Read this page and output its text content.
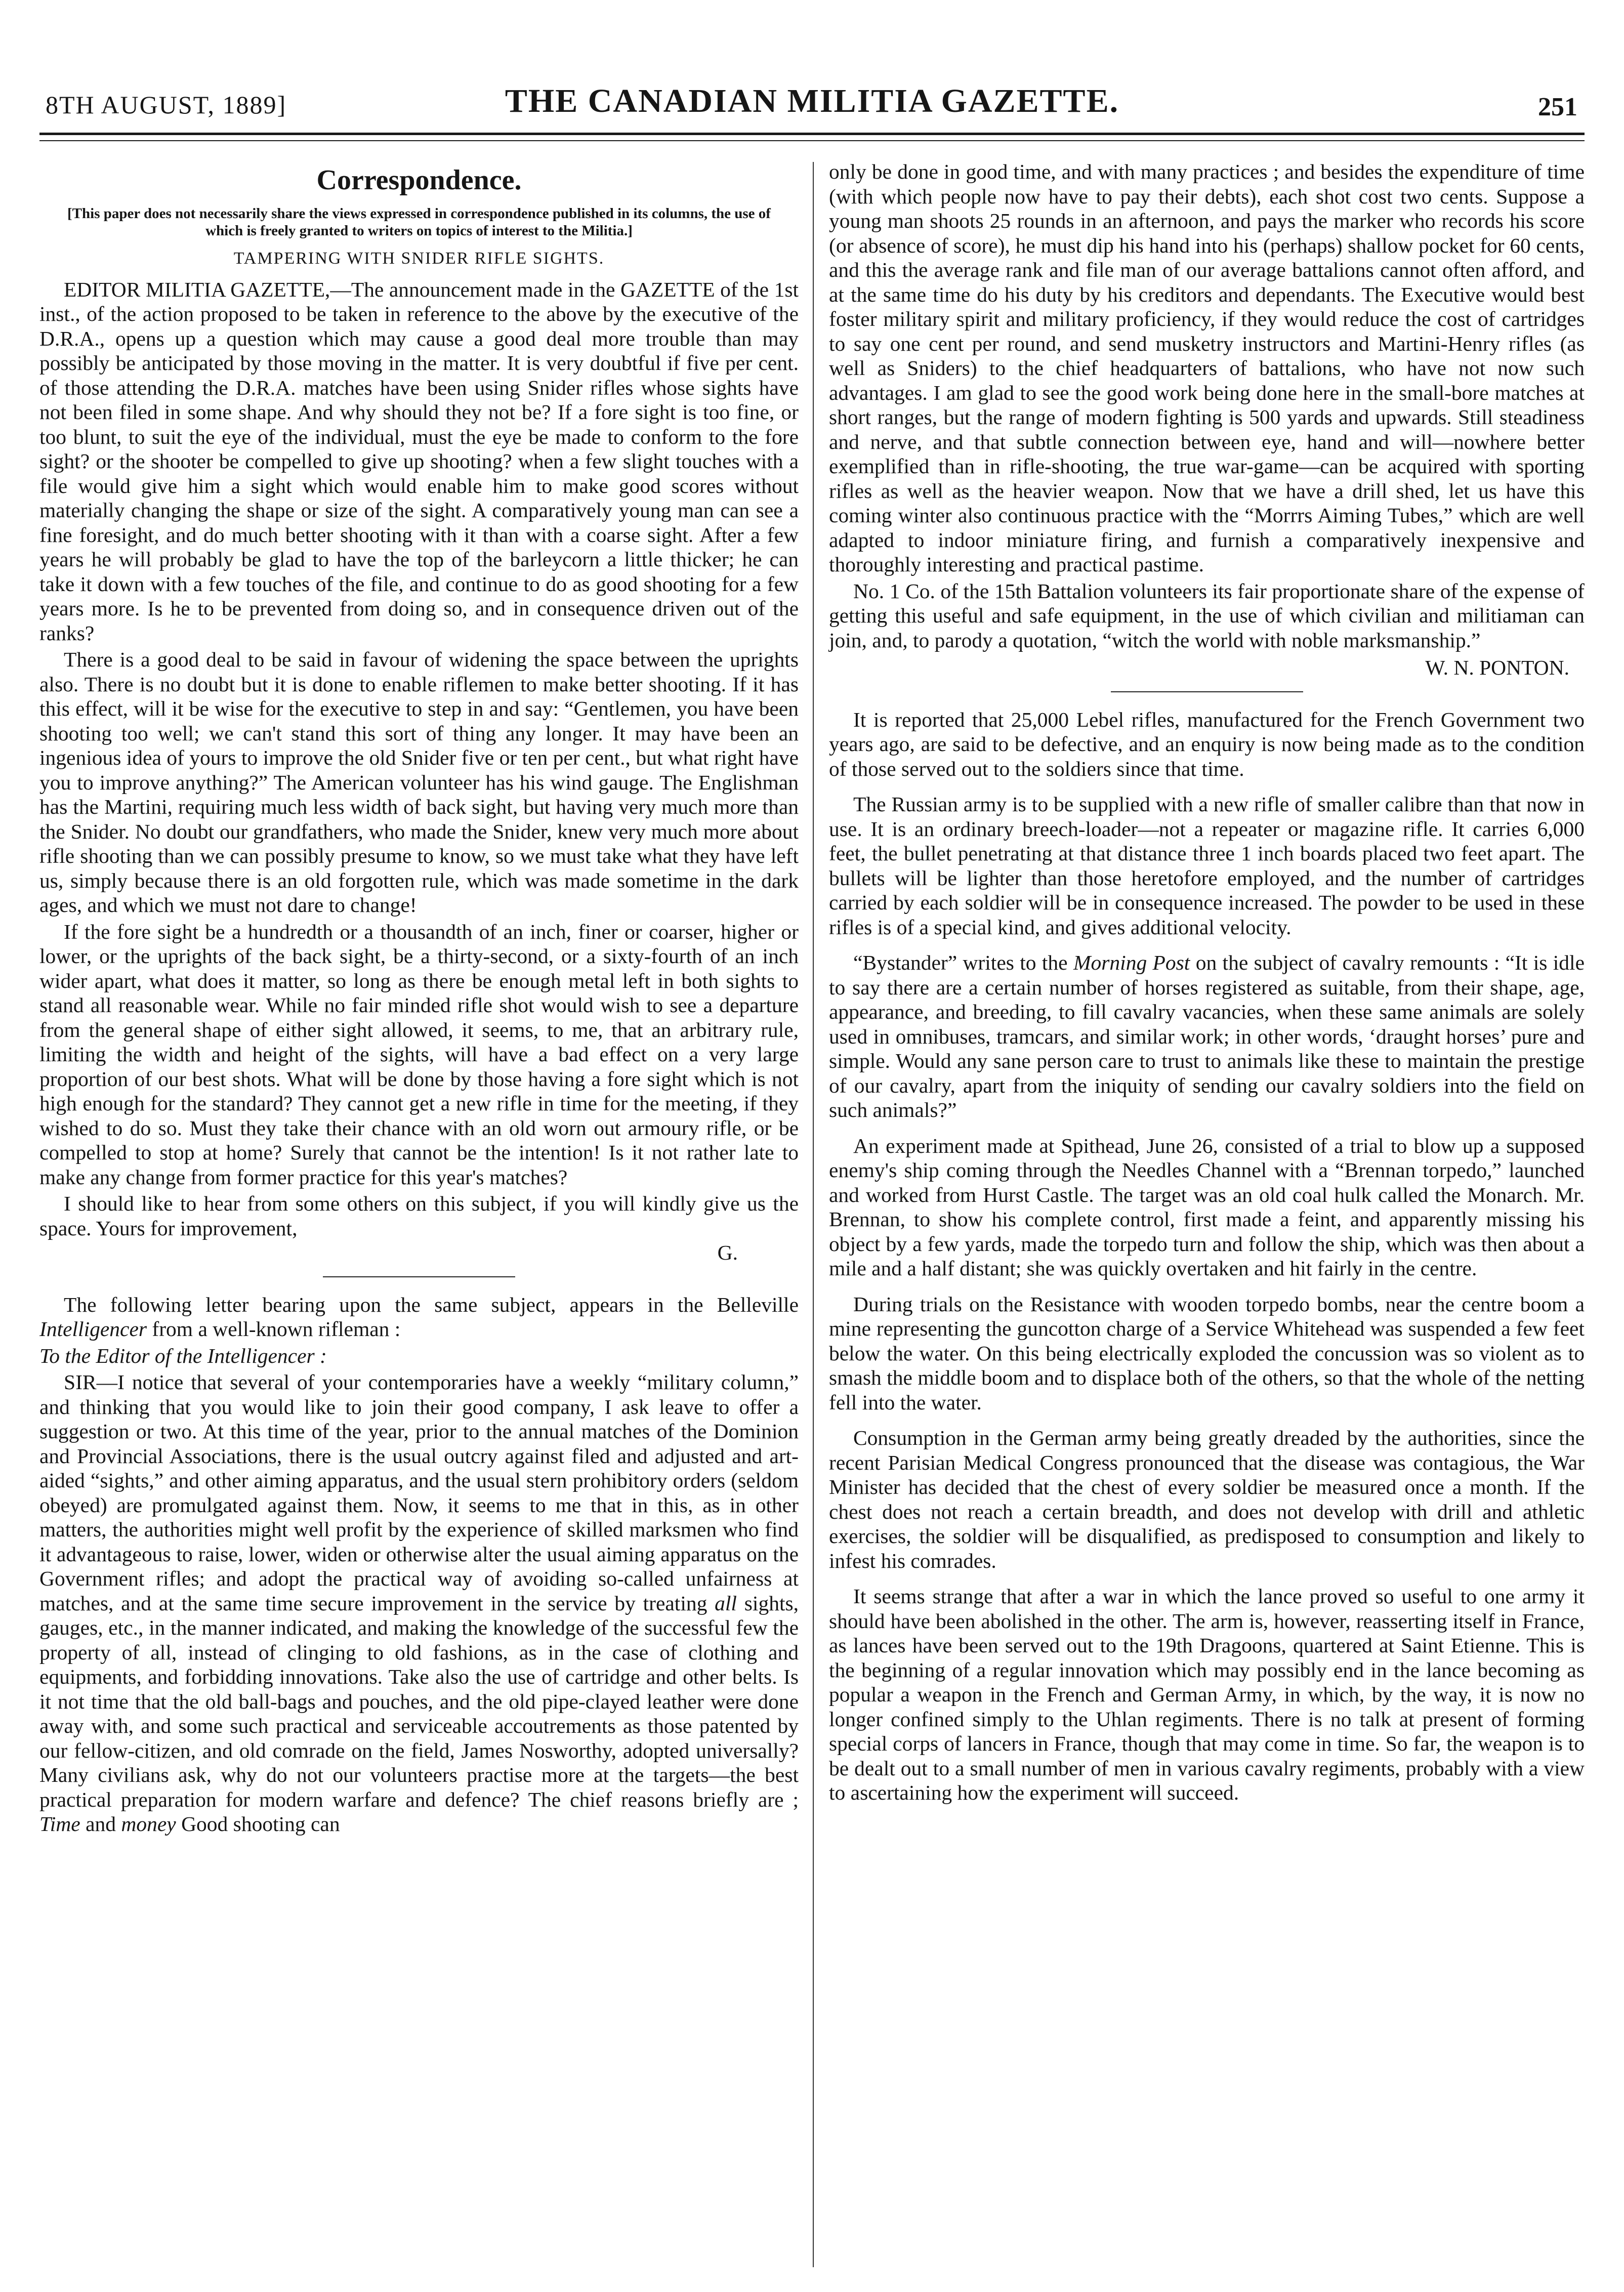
8TH AUGUST, 1889]	THE CANADIAN MILITIA GAZETTE.	251
Correspondence.
[This paper does not necessarily share the views expressed in correspondence published in its columns, the use of which is freely granted to writers on topics of interest to the Militia.]
TAMPERING WITH SNIDER RIFLE SIGHTS.

EDITOR MILITIA GAZETTE,—The announcement made in the GAZETTE of the 1st inst., of the action proposed to be taken in reference to the above by the executive of the D.R.A., opens up a question which may cause a good deal more trouble than may possibly be anticipated by those moving in the matter. It is very doubtful if five per cent. of those attending the D.R.A. matches have been using Snider rifles whose sights have not been filed in some shape. And why should they not be? If a fore sight is too fine, or too blunt, to suit the eye of the individual, must the eye be made to conform to the fore sight? or the shooter be compelled to give up shooting? when a few slight touches with a file would give him a sight which would enable him to make good scores without materially changing the shape or size of the sight. A comparatively young man can see a fine foresight, and do much better shooting with it than with a coarse sight. After a few years he will probably be glad to have the top of the barleycorn a little thicker; he can take it down with a few touches of the file, and continue to do as good shooting for a few years more. Is he to be prevented from doing so, and in consequence driven out of the ranks?

There is a good deal to be said in favour of widening the space between the uprights also. There is no doubt but it is done to enable riflemen to make better shooting. If it has this effect, will it be wise for the executive to step in and say: “Gentlemen, you have been shooting too well; we can't stand this sort of thing any longer. It may have been an ingenious idea of yours to improve the old Snider five or ten per cent., but what right have you to improve anything?” The American volunteer has his wind gauge. The Englishman has the Martini, requiring much less width of back sight, but having very much more than the Snider. No doubt our grandfathers, who made the Snider, knew very much more about rifle shooting than we can possibly presume to know, so we must take what they have left us, simply because there is an old forgotten rule, which was made sometime in the dark ages, and which we must not dare to change!

If the fore sight be a hundredth or a thousandth of an inch, finer or coarser, higher or lower, or the uprights of the back sight, be a thirty-second, or a sixty-fourth of an inch wider apart, what does it matter, so long as there be enough metal left in both sights to stand all reasonable wear. While no fair minded rifle shot would wish to see a departure from the general shape of either sight allowed, it seems, to me, that an arbitrary rule, limiting the width and height of the sights, will have a bad effect on a very large proportion of our best shots. What will be done by those having a fore sight which is not high enough for the standard? They cannot get a new rifle in time for the meeting, if they wished to do so. Must they take their chance with an old worn out armoury rifle, or be compelled to stop at home? Surely that cannot be the intention! Is it not rather late to make any change from former practice for this year's matches?

I should like to hear from some others on this subject, if you will kindly give us the space. Yours for improvement,

G.

The following letter bearing upon the same subject, appears in the Belleville Intelligencer from a well-known rifleman :

To the Editor of the Intelligencer :

SIR—I notice that several of your contemporaries have a weekly “military column,” and thinking that you would like to join their good company, I ask leave to offer a suggestion or two. At this time of the year, prior to the annual matches of the Dominion and Provincial Associations, there is the usual outcry against filed and adjusted and art-aided “sights,” and other aiming apparatus, and the usual stern prohibitory orders (seldom obeyed) are promulgated against them. Now, it seems to me that in this, as in other matters, the authorities might well profit by the experience of skilled marksmen who find it advantageous to raise, lower, widen or otherwise alter the usual aiming apparatus on the Government rifles; and adopt the practical way of avoiding so-called unfairness at matches, and at the same time secure improvement in the service by treating all sights, gauges, etc., in the manner indicated, and making the knowledge of the successful few the property of all, instead of clinging to old fashions, as in the case of clothing and equipments, and forbidding innovations. Take also the use of cartridge and other belts. Is it not time that the old ball-bags and pouches, and the old pipe-clayed leather were done away with, and some such practical and serviceable accoutrements as those patented by our fellow-citizen, and old comrade on the field, James Nosworthy, adopted universally? Many civilians ask, why do not our volunteers practise more at the targets—the best practical preparation for modern warfare and defence? The chief reasons briefly are ; Time and money Good shooting can

only be done in good time, and with many practices ; and besides the expenditure of time (with which people now have to pay their debts), each shot cost two cents. Suppose a young man shoots 25 rounds in an afternoon, and pays the marker who records his score (or absence of score), he must dip his hand into his (perhaps) shallow pocket for 60 cents, and this the average rank and file man of our average battalions cannot often afford, and at the same time do his duty by his creditors and dependants. The Executive would best foster military spirit and military proficiency, if they would reduce the cost of cartridges to say one cent per round, and send musketry instructors and Martini-Henry rifles (as well as Sniders) to the chief headquarters of battalions, who have not now such advantages. I am glad to see the good work being done here in the small-bore matches at short ranges, but the range of modern fighting is 500 yards and upwards. Still steadiness and nerve, and that subtle connection between eye, hand and will—nowhere better exemplified than in rifle-shooting, the true war-game—can be acquired with sporting rifles as well as the heavier weapon. Now that we have a drill shed, let us have this coming winter also continuous practice with the “Morrrs Aiming Tubes,” which are well adapted to indoor miniature firing, and furnish a comparatively inexpensive and thoroughly interesting and practical pastime.

No. 1 Co. of the 15th Battalion volunteers its fair proportionate share of the expense of getting this useful and safe equipment, in the use of which civilian and militiaman can join, and, to parody a quotation, “witch the world with noble marksmanship.”

W. N. PONTON.

It is reported that 25,000 Lebel rifles, manufactured for the French Government two years ago, are said to be defective, and an enquiry is now being made as to the condition of those served out to the soldiers since that time.

The Russian army is to be supplied with a new rifle of smaller calibre than that now in use. It is an ordinary breech-loader—not a repeater or magazine rifle. It carries 6,000 feet, the bullet penetrating at that distance three 1 inch boards placed two feet apart. The bullets will be lighter than those heretofore employed, and the number of cartridges carried by each soldier will be in consequence increased. The powder to be used in these rifles is of a special kind, and gives additional velocity.

“Bystander” writes to the Morning Post on the subject of cavalry remounts : “It is idle to say there are a certain number of horses registered as suitable, from their shape, age, appearance, and breeding, to fill cavalry vacancies, when these same animals are solely used in omnibuses, tramcars, and similar work; in other words, ‘draught horses’ pure and simple. Would any sane person care to trust to animals like these to maintain the prestige of our cavalry, apart from the iniquity of sending our cavalry soldiers into the field on such animals?”

An experiment made at Spithead, June 26, consisted of a trial to blow up a supposed enemy's ship coming through the Needles Channel with a “Brennan torpedo,” launched and worked from Hurst Castle. The target was an old coal hulk called the Monarch. Mr. Brennan, to show his complete control, first made a feint, and apparently missing his object by a few yards, made the torpedo turn and follow the ship, which was then about a mile and a half distant; she was quickly overtaken and hit fairly in the centre.

During trials on the Resistance with wooden torpedo bombs, near the centre boom a mine representing the guncotton charge of a Service Whitehead was suspended a few feet below the water. On this being electrically exploded the concussion was so violent as to smash the middle boom and to displace both of the others, so that the whole of the netting fell into the water.

Consumption in the German army being greatly dreaded by the authorities, since the recent Parisian Medical Congress pronounced that the disease was contagious, the War Minister has decided that the chest of every soldier be measured once a month. If the chest does not reach a certain breadth, and does not develop with drill and athletic exercises, the soldier will be disqualified, as predisposed to consumption and likely to infest his comrades.

It seems strange that after a war in which the lance proved so useful to one army it should have been abolished in the other. The arm is, however, reasserting itself in France, as lances have been served out to the 19th Dragoons, quartered at Saint Etienne. This is the beginning of a regular innovation which may possibly end in the lance becoming as popular a weapon in the French and German Army, in which, by the way, it is now no longer confined simply to the Uhlan regiments. There is no talk at present of forming special corps of lancers in France, though that may come in time. So far, the weapon is to be dealt out to a small number of men in various cavalry regiments, probably with a view to ascertaining how the experiment will succeed.
